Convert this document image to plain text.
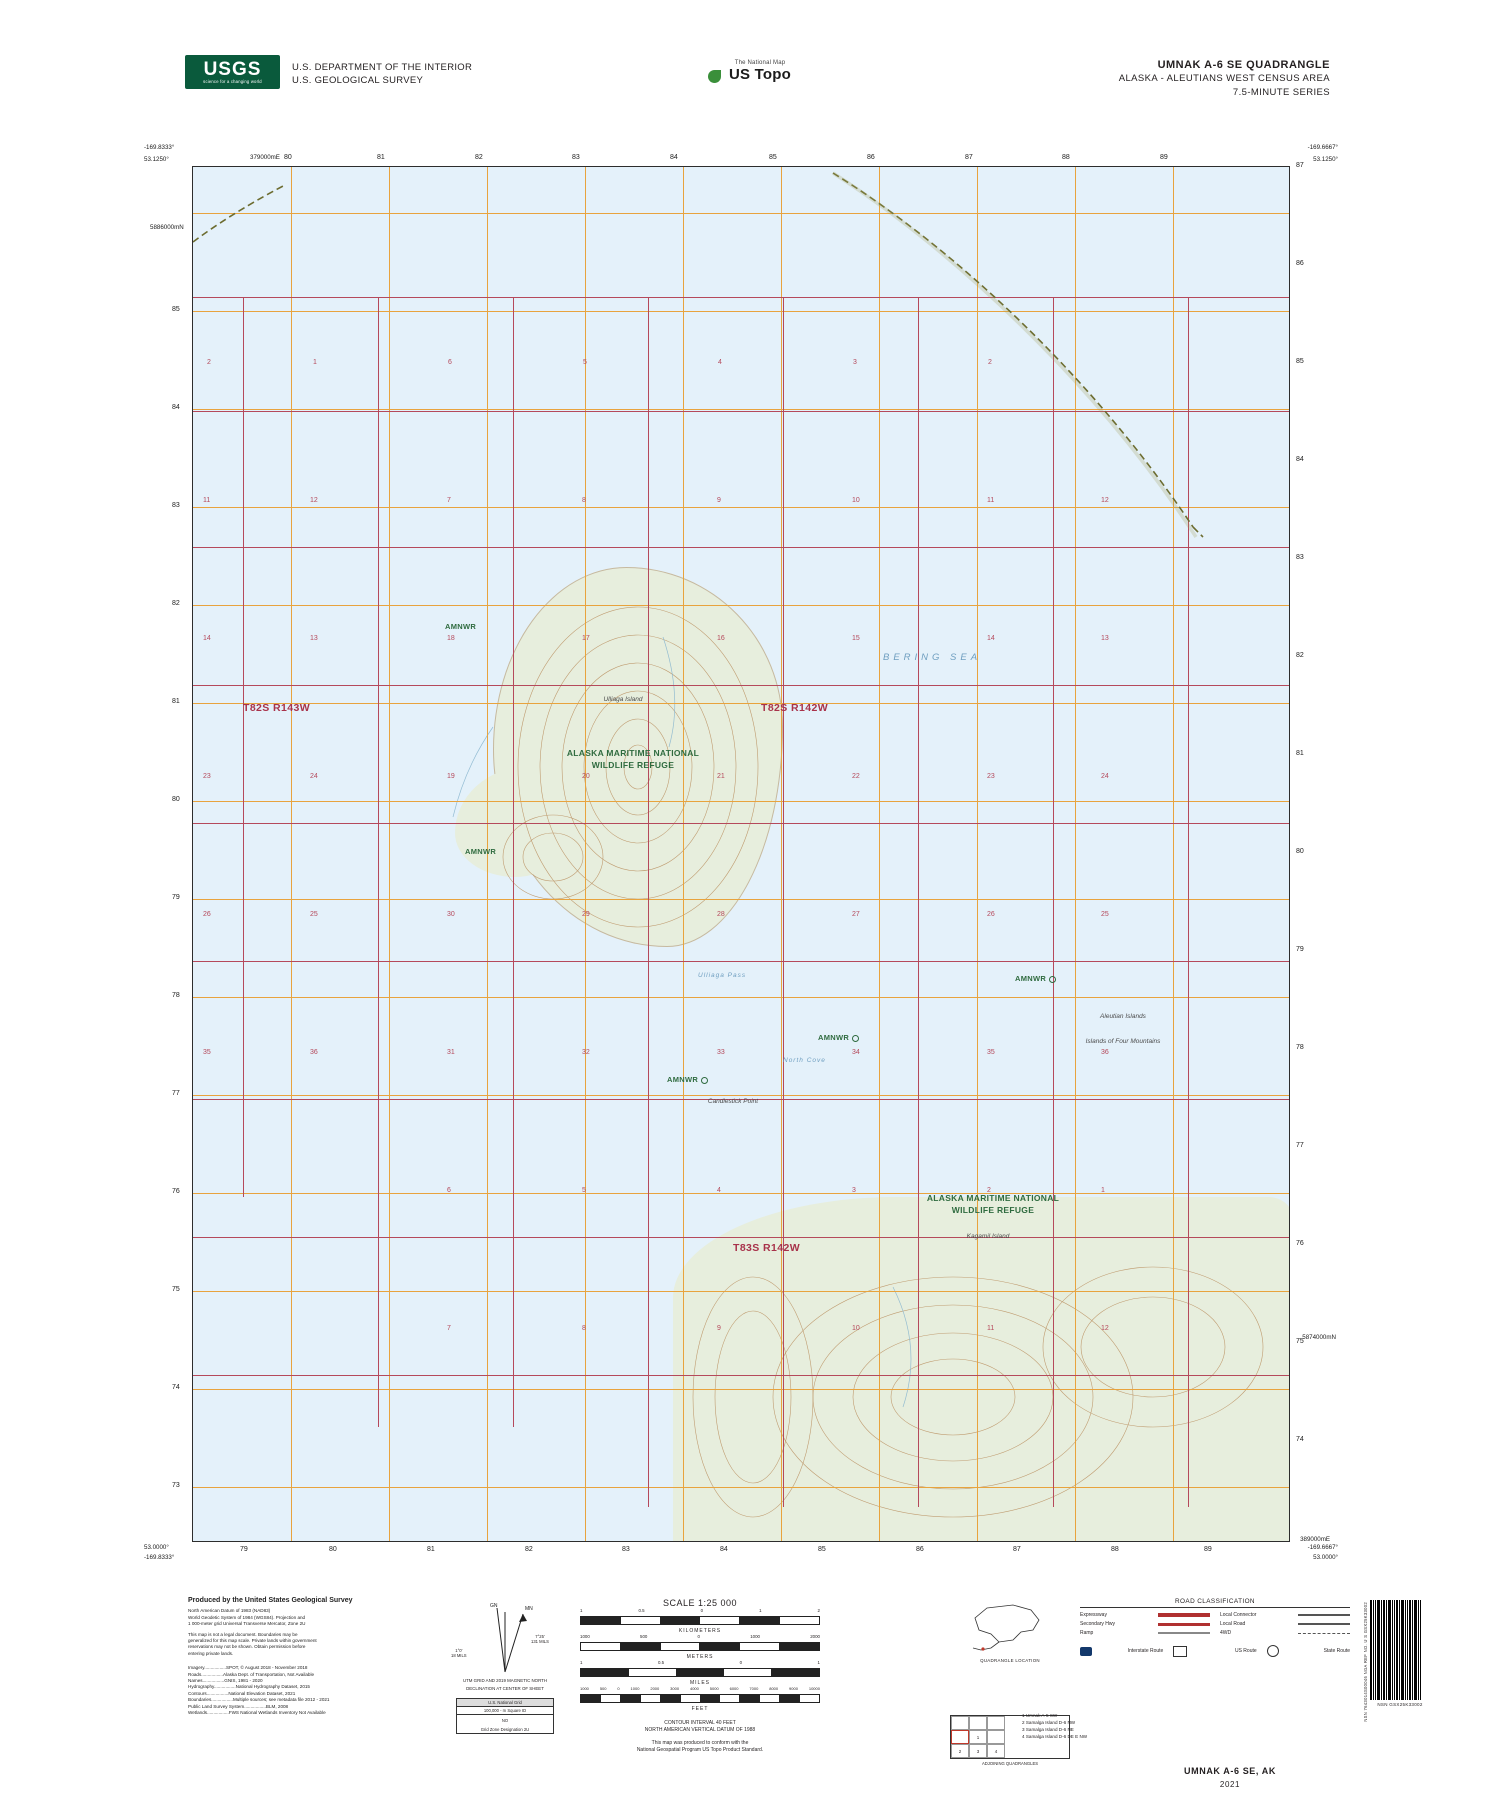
USGS
science for a changing world
U.S. DEPARTMENT OF THE INTERIOR
U.S. GEOLOGICAL SURVEY
The National Map
US Topo
UMNAK A-6 SE QUADRANGLE
ALASKA - ALEUTIANS WEST CENSUS AREA
7.5-MINUTE SERIES
-169.8333°
53.1250°
-169.6667°
53.1250°
53.0000°
-169.8333°
-169.6667°
53.0000°
379000mE
5886000mN
5874000mN
389000mE
80	81	82	83	84	85	86	87	88	89
79	80	81	82	83	84	85	86	87	88	89
85
84
83
82
81
80
79
78
77
76
75
74
73
87
86
85
84
83
82
81
80
79
78
77
76
75
74
2	1	6	5	4	3	2
11	12	7	8	9	10	11	12
14	13	18	17	16	15	14	13
23	24	19	20	21	22	23	24
26	25	30	29	28	27	26	25
35	36	31	32	33	34	35	36
6	5	4	3	2	1
7	8	9	10	11	12
T82S R143W	T82S R142W
T83S R142W
ALASKA MARITIME NATIONAL
WILDLIFE REFUGE
ALASKA MARITIME NATIONAL
WILDLIFE REFUGE
AMNWR
AMNWR
AMNWR
AMNWR
AMNWR
BERING SEA
Ulliaga Pass
North Cove
Ulliaga Island
Candlestick Point
Kagamil Island
Aleutian Islands
Islands of Four Mountains
Produced by the United States Geological Survey
North American Datum of 1983 (NAD83)
World Geodetic System of 1984 (WGS84). Projection and
1 000-meter grid Universal Transverse Mercator, Zone 2U
This map is not a legal document. Boundaries may be
generalized for this map scale. Private lands within government
reservations may not be shown. Obtain permission before
entering private lands.
Imagery.................SPOT, © August 2018 - November 2018
Roads.................Alaska Dept. of Transportation, Not Available
Names.................GNIS, 1981 - 2020
Hydrography.................National Hydrography Dataset, 2015
Contours.................National Elevation Dataset, 2021
Boundaries.................Multiple sources; see metadata file 2012 - 2021
Public Land Survey System.................BLM, 2008
Wetlands.................FWS National Wetlands Inventory Not Available
GN	MN
1°0'
18 MILS
7°25'
131 MILS
UTM GRID AND 2019 MAGNETIC NORTH
DECLINATION AT CENTER OF SHEET
U.S. National Grid
100,000 - m Square ID
NO
Grid Zone Designation 2U
SCALE 1:25 000
1	0.5	0	1	2
KILOMETERS
1000	500	0	1000	2000
METERS
1	0.5	0	1
MILES
1000	500	0	1000	2000	3000	4000	5000	6000	7000	8000	9000	10000
FEET
CONTOUR INTERVAL 40 FEET
NORTH AMERICAN VERTICAL DATUM OF 1988
This map was produced to conform with the
National Geospatial Program US Topo Product Standard.
QUADRANGLE LOCATION
ROAD CLASSIFICATION
Expressway
Secondary Hwy
Ramp
Local Connector
Local Road
4WD
Interstate Route	US Route	State Route
1
2	3	4
ADJOINING QUADRANGLES
1 Umnak A-5 SW
2 Samalga Island D-6 NW
3 Samalga Island D-6 NE
4 Samalga Island D-6 DE E NW
UMNAK A-6 SE, AK
2021
NSN GSX25K33002
NSN 7643014S00046 NGA REF NO. U S GSX25K33002
